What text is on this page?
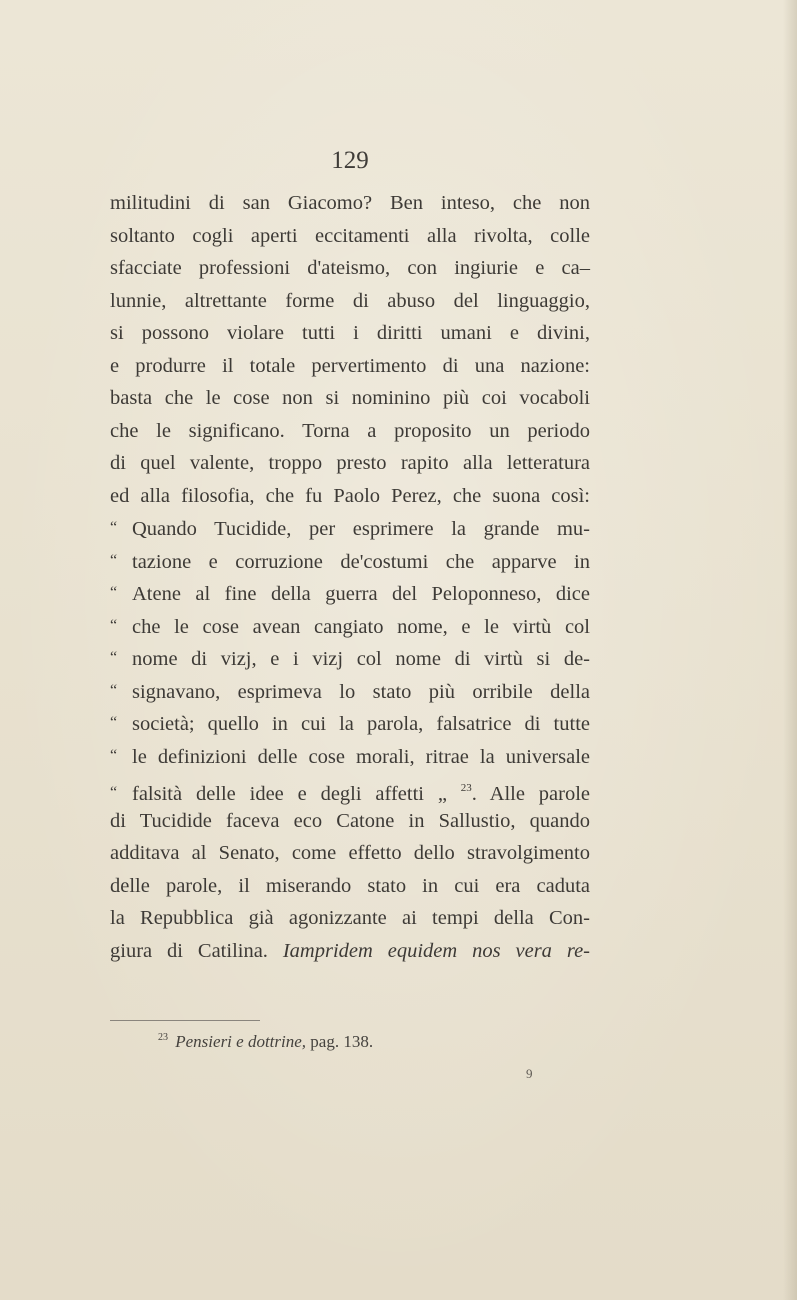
129
militudini di san Giacomo? Ben inteso, che non
soltanto cogli aperti eccitamenti alla rivolta, colle
sfacciate professioni d'ateismo, con ingiurie e ca–
lunnie, altrettante forme di abuso del linguaggio,
si possono violare tutti i diritti umani e divini,
e produrre il totale pervertimento di una nazione:
basta che le cose non si nominino più coi vocaboli
che le significano. Torna a proposito un periodo
di quel valente, troppo presto rapito alla letteratura
ed alla filosofia, che fu Paolo Perez, che suona così:
“ Quando Tucidide, per esprimere la grande mu-
“ tazione e corruzione de'costumi che apparve in
“ Atene al fine della guerra del Peloponneso, dice
“ che le cose avean cangiato nome, e le virtù col
“ nome di vizj, e i vizj col nome di virtù si de-
“ signavano, esprimeva lo stato più orribile della
“ società; quello in cui la parola, falsatrice di tutte
“ le definizioni delle cose morali, ritrae la universale
“ falsità delle idee e degli affetti „ $^{23}$. Alle parole
di Tucidide faceva eco Catone in Sallustio, quando
additava al Senato, come effetto dello stravolgimento
delle parole, il miserando stato in cui era caduta
la Repubblica già agonizzante ai tempi della Con-
giura di Catilina. Iampridem equidem nos vera re-
$^{23}$ Pensieri e dottrine, pag. 138.
9
